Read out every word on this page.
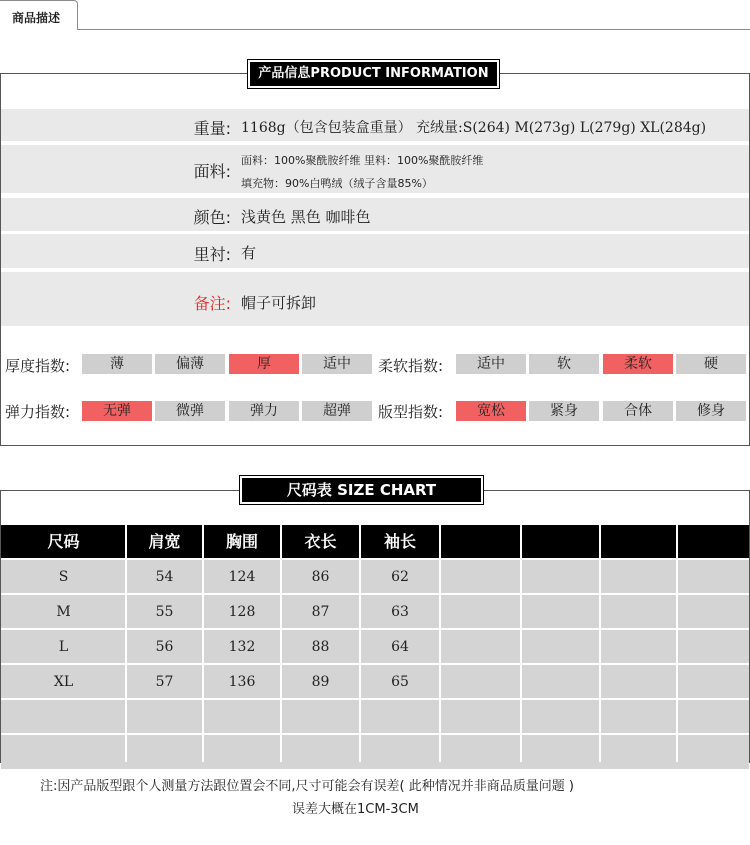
商品描述
产品信息PRODUCT INFORMATION
重量: 1168g（包含包装盒重量） 充绒量:S(264) M(273g) L(279g) XL(284g)
面料:
面料：100%聚酰胺纤维 里料：100%聚酰胺纤维
填充物：90%白鸭绒（绒子含量85%）
颜色: 浅黄色 黑色 咖啡色
里衬: 有
备注: 帽子可拆卸
厚度指数:	薄	偏薄	厚	适中	柔软指数:	适中	软	柔软	硬
弹力指数:	无弹	微弹	弹力	超弹	版型指数:	宽松	紧身	合体	修身
尺码表 SIZE CHART
尺码	肩宽	胸围	衣长	袖长
S	54	124	86	62
M	55	128	87	63
L	56	132	88	64
XL	57	136	89	65
注:因产品版型跟个人测量方法跟位置会不同,尺寸可能会有误差( 此种情况并非商品质量问题 )
误差大概在1CM-3CM
